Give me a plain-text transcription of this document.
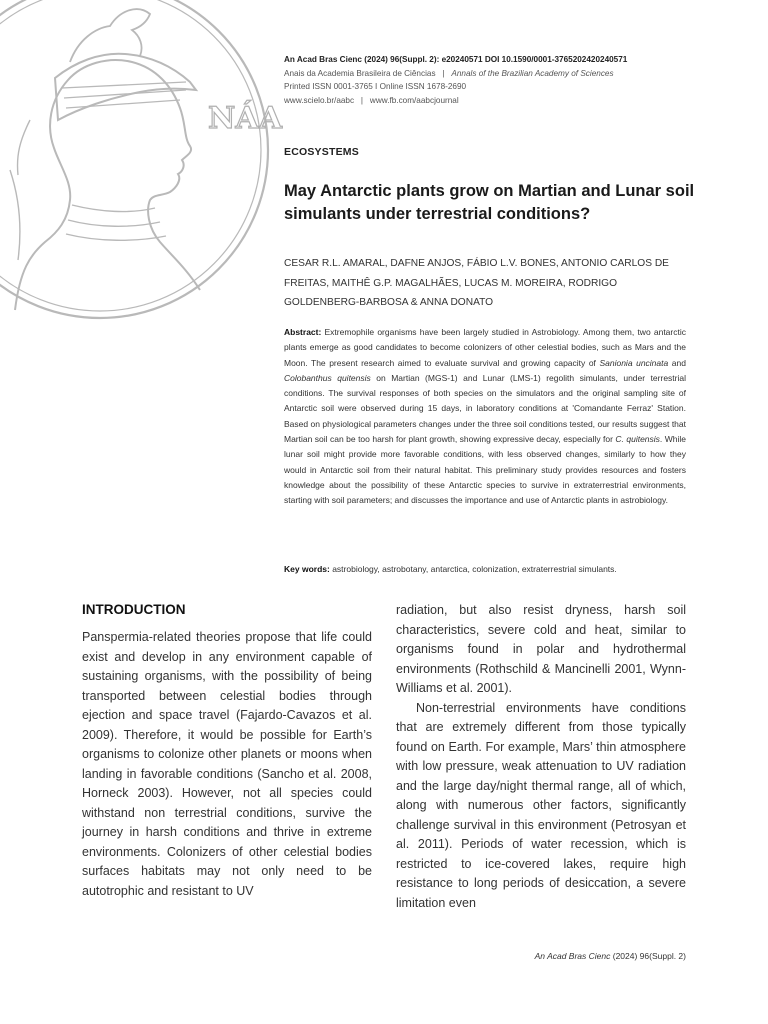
NÁA
An Acad Bras Cienc (2024) 96(Suppl. 2): e20240571 DOI 10.1590/0001-3765202420240571
Anais da Academia Brasileira de Ciências | Annals of the Brazilian Academy of Sciences
Printed ISSN 0001-3765 I Online ISSN 1678-2690
www.scielo.br/aabc | www.fb.com/aabcjournal
ECOSYSTEMS
May Antarctic plants grow on Martian and Lunar soil simulants under terrestrial conditions?
CESAR R.L. AMARAL, DAFNE ANJOS, FÁBIO L.V. BONES, ANTONIO CARLOS DE FREITAS, MAITHÊ G.P. MAGALHÃES, LUCAS M. MOREIRA, RODRIGO GOLDENBERG-BARBOSA & ANNA DONATO

Abstract: Extremophile organisms have been largely studied in Astrobiology. Among them, two antarctic plants emerge as good candidates to become colonizers of other celestial bodies, such as Mars and the Moon. The present research aimed to evaluate survival and growing capacity of Sanionia uncinata and Colobanthus quitensis on Martian (MGS-1) and Lunar (LMS-1) regolith simulants, under terrestrial conditions. The survival responses of both species on the simulators and the original sampling site of Antarctic soil were observed during 15 days, in laboratory conditions at 'Comandante Ferraz' Station. Based on physiological parameters changes under the three soil conditions tested, our results suggest that Martian soil can be too harsh for plant growth, showing expressive decay, especially for C. quitensis. While lunar soil might provide more favorable conditions, with less observed changes, similarly to how they would in Antarctic soil from their natural habitat. This preliminary study provides resources and fosters knowledge about the possibility of these Antarctic species to survive in extraterrestrial environments, starting with soil parameters; and discusses the importance and use of Antarctic plants in astrobiology.

Key words: astrobiology, astrobotany, antarctica, colonization, extraterrestrial simulants.

INTRODUCTION

Panspermia-related theories propose that life could exist and develop in any environment capable of sustaining organisms, with the possibility of being transported between celestial bodies through ejection and space travel (Fajardo-Cavazos et al. 2009). Therefore, it would be possible for Earth’s organisms to colonize other planets or moons when landing in favorable conditions (Sancho et al. 2008, Horneck 2003). However, not all species could withstand non terrestrial conditions, survive the journey in harsh conditions and thrive in extreme environments. Colonizers of other celestial bodies surfaces habitats may not only need to be autotrophic and resistant to UV

radiation, but also resist dryness, harsh soil characteristics, severe cold and heat, similar to organisms found in polar and hydrothermal environments (Rothschild & Mancinelli 2001, Wynn-Williams et al. 2001).
Non-terrestrial environments have conditions that are extremely different from those typically found on Earth. For example, Mars’ thin atmosphere with low pressure, weak attenuation to UV radiation and the large day/night thermal range, all of which, along with numerous other factors, significantly challenge survival in this environment (Petrosyan et al. 2011). Periods of water recession, which is restricted to ice-covered lakes, require high resistance to long periods of desiccation, a severe limitation even
An Acad Bras Cienc (2024) 96(Suppl. 2)
